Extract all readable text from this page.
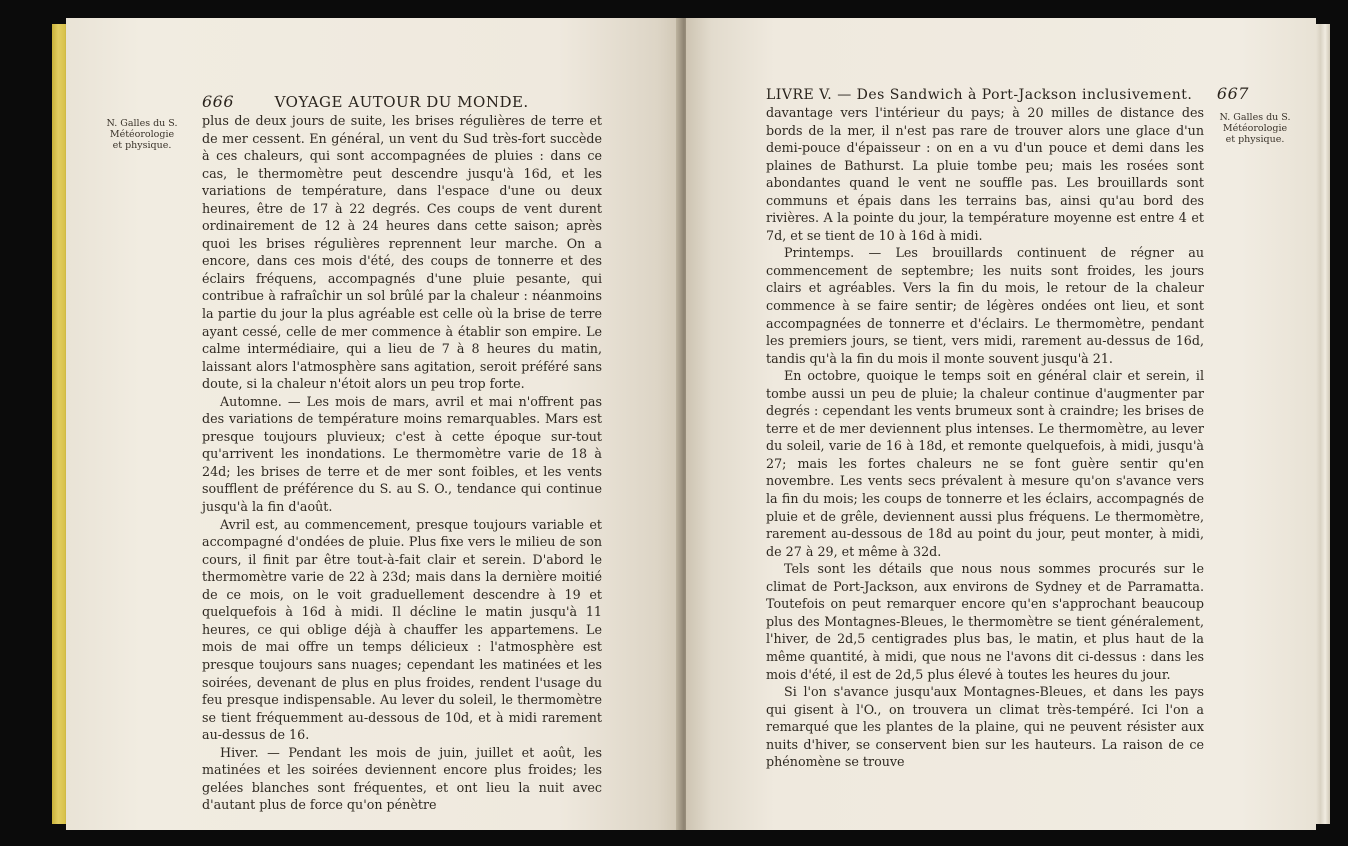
666	VOYAGE AUTOUR DU MONDE.
N. Galles du S.
Météorologie
et physique.

plus de deux jours de suite, les brises régulières de terre et de mer cessent. En général, un vent du Sud très-fort succède à ces chaleurs, qui sont accompagnées de pluies : dans ce cas, le thermomètre peut descendre jusqu'à 16d, et les variations de température, dans l'espace d'une ou deux heures, être de 17 à 22 degrés. Ces coups de vent durent ordinairement de 12 à 24 heures dans cette saison; après quoi les brises régulières reprennent leur marche. On a encore, dans ces mois d'été, des coups de tonnerre et des éclairs fréquens, accompagnés d'une pluie pesante, qui contribue à rafraîchir un sol brûlé par la chaleur : néanmoins la partie du jour la plus agréable est celle où la brise de terre ayant cessé, celle de mer commence à établir son empire. Le calme intermédiaire, qui a lieu de 7 à 8 heures du matin, laissant alors l'atmosphère sans agitation, seroit préféré sans doute, si la chaleur n'étoit alors un peu trop forte.

Automne. — Les mois de mars, avril et mai n'offrent pas des variations de température moins remarquables. Mars est presque toujours pluvieux; c'est à cette époque sur-tout qu'arrivent les inondations. Le thermomètre varie de 18 à 24d; les brises de terre et de mer sont foibles, et les vents soufflent de préférence du S. au S. O., tendance qui continue jusqu'à la fin d'août.

Avril est, au commencement, presque toujours variable et accompagné d'ondées de pluie. Plus fixe vers le milieu de son cours, il finit par être tout-à-fait clair et serein. D'abord le thermomètre varie de 22 à 23d; mais dans la dernière moitié de ce mois, on le voit graduellement descendre à 19 et quelquefois à 16d à midi. Il décline le matin jusqu'à 11 heures, ce qui oblige déjà à chauffer les appartemens. Le mois de mai offre un temps délicieux : l'atmosphère est presque toujours sans nuages; cependant les matinées et les soirées, devenant de plus en plus froides, rendent l'usage du feu presque indispensable. Au lever du soleil, le thermomètre se tient fréquemment au-dessous de 10d, et à midi rarement au-dessus de 16.

Hiver. — Pendant les mois de juin, juillet et août, les matinées et les soirées deviennent encore plus froides; les gelées blanches sont fréquentes, et ont lieu la nuit avec d'autant plus de force qu'on pénètre

LIVRE V. — Des Sandwich à Port-Jackson inclusivement. 667
N. Galles du S.
Météorologie
et physique.

davantage vers l'intérieur du pays; à 20 milles de distance des bords de la mer, il n'est pas rare de trouver alors une glace d'un demi-pouce d'épaisseur : on en a vu d'un pouce et demi dans les plaines de Bathurst. La pluie tombe peu; mais les rosées sont abondantes quand le vent ne souffle pas. Les brouillards sont communs et épais dans les terrains bas, ainsi qu'au bord des rivières. A la pointe du jour, la température moyenne est entre 4 et 7d, et se tient de 10 à 16d à midi.

Printemps. — Les brouillards continuent de régner au commencement de septembre; les nuits sont froides, les jours clairs et agréables. Vers la fin du mois, le retour de la chaleur commence à se faire sentir; de légères ondées ont lieu, et sont accompagnées de tonnerre et d'éclairs. Le thermomètre, pendant les premiers jours, se tient, vers midi, rarement au-dessus de 16d, tandis qu'à la fin du mois il monte souvent jusqu'à 21.

En octobre, quoique le temps soit en général clair et serein, il tombe aussi un peu de pluie; la chaleur continue d'augmenter par degrés : cependant les vents brumeux sont à craindre; les brises de terre et de mer deviennent plus intenses. Le thermomètre, au lever du soleil, varie de 16 à 18d, et remonte quelquefois, à midi, jusqu'à 27; mais les fortes chaleurs ne se font guère sentir qu'en novembre. Les vents secs prévalent à mesure qu'on s'avance vers la fin du mois; les coups de tonnerre et les éclairs, accompagnés de pluie et de grêle, deviennent aussi plus fréquens. Le thermomètre, rarement au-dessous de 18d au point du jour, peut monter, à midi, de 27 à 29, et même à 32d.

Tels sont les détails que nous nous sommes procurés sur le climat de Port-Jackson, aux environs de Sydney et de Parramatta. Toutefois on peut remarquer encore qu'en s'approchant beaucoup plus des Montagnes-Bleues, le thermomètre se tient généralement, l'hiver, de 2d,5 centigrades plus bas, le matin, et plus haut de la même quantité, à midi, que nous ne l'avons dit ci-dessus : dans les mois d'été, il est de 2d,5 plus élevé à toutes les heures du jour.

Si l'on s'avance jusqu'aux Montagnes-Bleues, et dans les pays qui gisent à l'O., on trouvera un climat très-tempéré. Ici l'on a remarqué que les plantes de la plaine, qui ne peuvent résister aux nuits d'hiver, se conservent bien sur les hauteurs. La raison de ce phénomène se trouve
